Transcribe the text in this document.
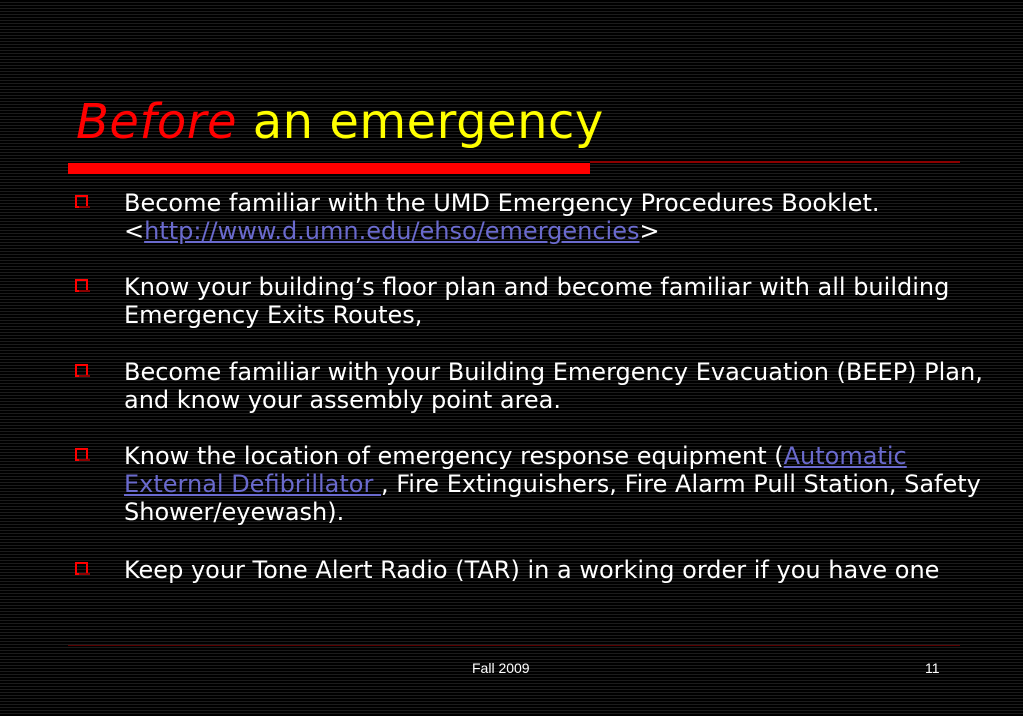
Before an emergency
Become familiar with the UMD Emergency Procedures Booklet. <http://www.d.umn.edu/ehso/emergencies>
Know your building’s floor plan and become familiar with all building Emergency Exits Routes,
Become familiar with your Building Emergency Evacuation (BEEP) Plan, and know your assembly point area.
Know the location of emergency response equipment (Automatic External Defibrillator , Fire Extinguishers, Fire Alarm Pull Station, Safety Shower/eyewash).
Keep your Tone Alert Radio (TAR) in a working order if you have one
Fall 2009	11
